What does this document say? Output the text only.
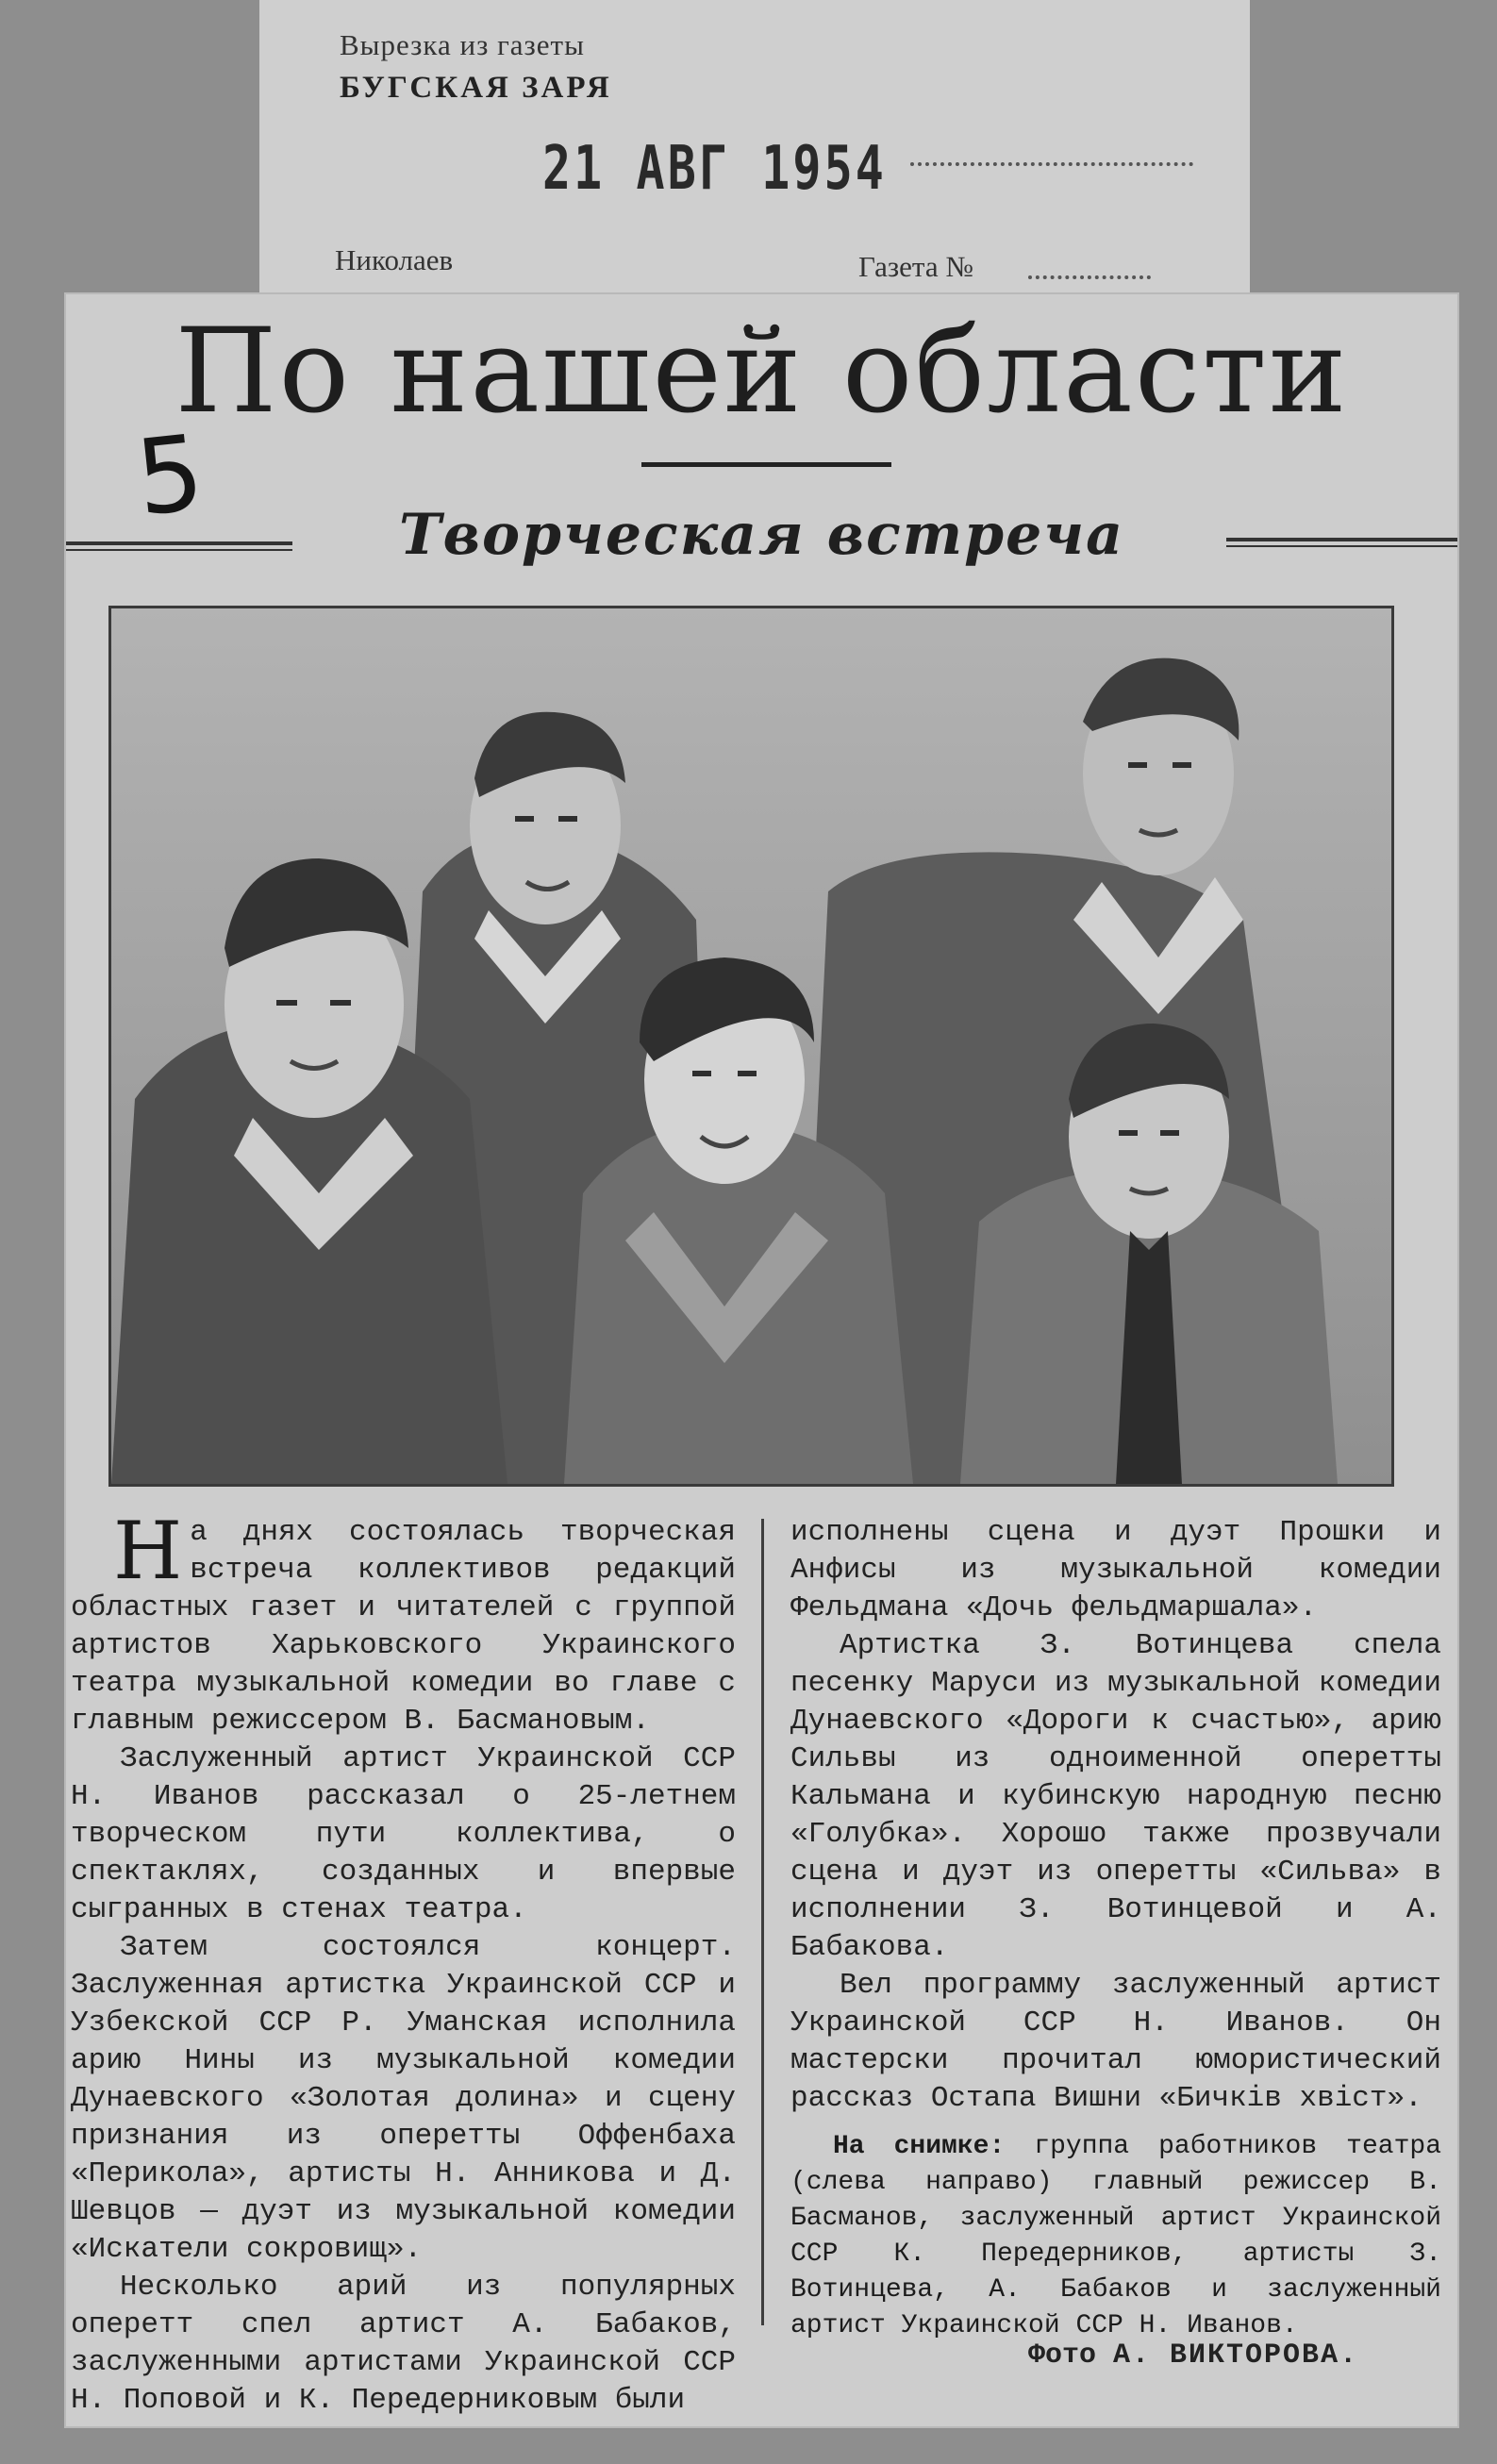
Вырезка из газеты
БУГСКАЯ ЗАРЯ
21 АВГ 1954
Николаев	Газета №
По нашей области
5	Творческая встреча

На днях состоялась творческая встреча коллективов редакций областных газет и читателей с группой артистов Харьковского Украинского театра музыкальной комедии во главе с главным режиссером В. Басмановым.

Заслуженный артист Украинской ССР Н. Иванов рассказал о 25-летнем творческом пути коллектива, о спектаклях, созданных и впервые сыгранных в стенах театра.

Затем состоялся концерт. Заслуженная артистка Украинской ССР и Узбекской ССР Р. Уманская исполнила арию Нины из музыкальной комедии Дунаевского «Золотая долина» и сцену признания из оперетты Оффенбаха «Перикола», артисты Н. Анникова и Д. Шевцов — дуэт из музыкальной комедии «Искатели сокровищ».

Несколько арий из популярных оперетт спел артист А. Бабаков, заслуженными артистами Украинской ССР Н. Поповой и К. Передерниковым были

исполнены сцена и дуэт Прошки и Анфисы из музыкальной комедии Фельдмана «Дочь фельдмаршала».

Артистка З. Вотинцева спела песенку Маруси из музыкальной комедии Дунаевского «Дороги к счастью», арию Сильвы из одноименной оперетты Кальмана и кубинскую народную песню «Голубка». Хорошо также прозвучали сцена и дуэт из оперетты «Сильва» в исполнении З. Вотинцевой и А. Бабакова.

Вел программу заслуженный артист Украинской ССР Н. Иванов. Он мастерски прочитал юмористический рассказ Остапа Вишни «Бичків хвіст».

На снимке: группа работников театра (слева направо) главный режиссер В. Басманов, заслуженный артист Украинской ССР К. Передерников, артисты З. Вотинцева, А. Бабаков и заслуженный артист Украинской ССР Н. Иванов.

Фото А. ВИКТОРОВА.
